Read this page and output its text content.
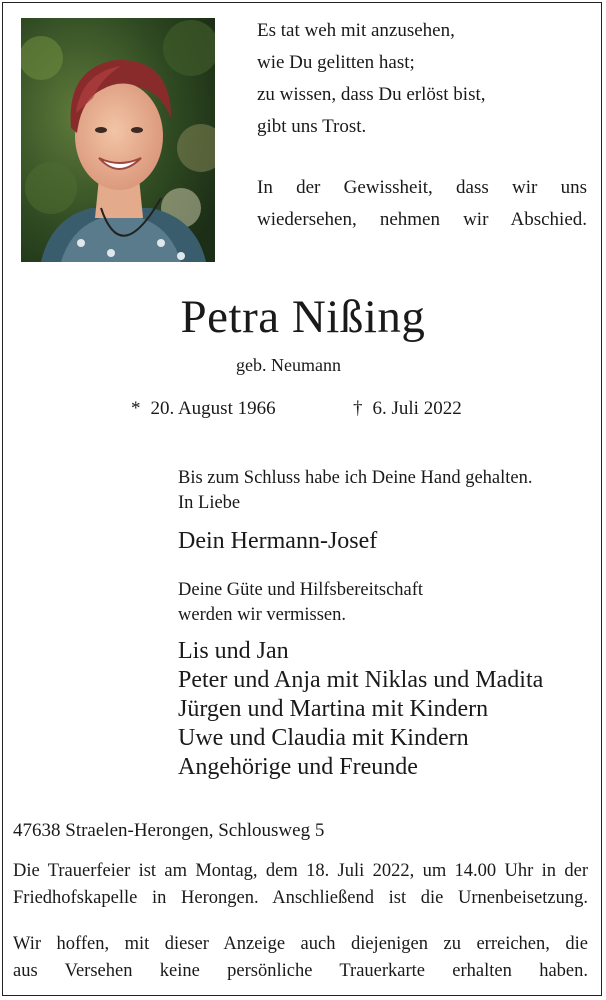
Es tat weh mit anzusehen,
wie Du gelitten hast;
zu wissen, dass Du erlöst bist,
gibt uns Trost.
In der Gewissheit, dass wir uns
wiedersehen, nehmen wir Abschied.
Petra Nißing
geb. Neumann
* 20. August 1966	† 6. Juli 2022
Bis zum Schluss habe ich Deine Hand gehalten.
In Liebe
Dein Hermann-Josef
Deine Güte und Hilfsbereitschaft
werden wir vermissen.
Lis und Jan
Peter und Anja mit Niklas und Madita
Jürgen und Martina mit Kindern
Uwe und Claudia mit Kindern
Angehörige und Freunde
47638 Straelen-Herongen, Schlousweg 5
Die Trauerfeier ist am Montag, dem 18. Juli 2022, um 14.00 Uhr in der
Friedhofskapelle in Herongen. Anschließend ist die Urnenbeisetzung.
Wir hoffen, mit dieser Anzeige auch diejenigen zu erreichen, die
aus Versehen keine persönliche Trauerkarte erhalten haben.
